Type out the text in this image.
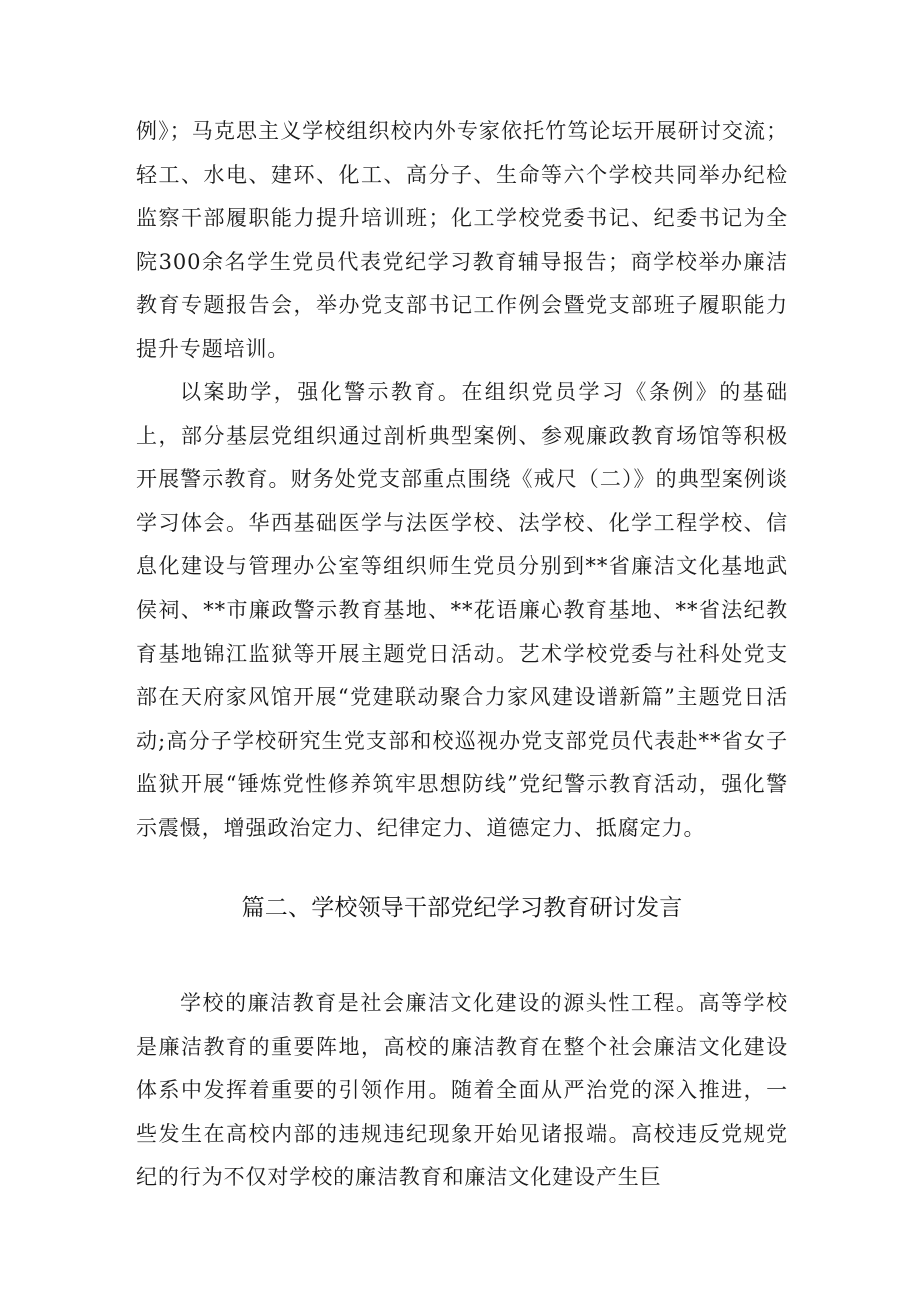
例》；马克思主义学校组织校内外专家依托竹笃论坛开展研讨交流；轻工、水电、建环、化工、高分子、生命等六个学校共同举办纪检监察干部履职能力提升培训班；化工学校党委书记、纪委书记为全院300余名学生党员代表党纪学习教育辅导报告；商学校举办廉洁教育专题报告会，举办党支部书记工作例会暨党支部班子履职能力提升专题培训。

以案助学，强化警示教育。在组织党员学习《条例》的基础上，部分基层党组织通过剖析典型案例、参观廉政教育场馆等积极开展警示教育。财务处党支部重点围绕《戒尺（二）》的典型案例谈学习体会。华西基础医学与法医学校、法学校、化学工程学校、信息化建设与管理办公室等组织师生党员分别到**省廉洁文化基地武侯祠、**市廉政警示教育基地、**花语廉心教育基地、**省法纪教育基地锦江监狱等开展主题党日活动。艺术学校党委与社科处党支部在天府家风馆开展“党建联动聚合力家风建设谱新篇”主题党日活动;高分子学校研究生党支部和校巡视办党支部党员代表赴**省女子监狱开展“锤炼党性修养筑牢思想防线”党纪警示教育活动，强化警示震慑，增强政治定力、纪律定力、道德定力、抵腐定力。

篇二、学校领导干部党纪学习教育研讨发言

学校的廉洁教育是社会廉洁文化建设的源头性工程。高等学校是廉洁教育的重要阵地，高校的廉洁教育在整个社会廉洁文化建设体系中发挥着重要的引领作用。随着全面从严治党的深入推进，一些发生在高校内部的违规违纪现象开始见诸报端。高校违反党规党纪的行为不仅对学校的廉洁教育和廉洁文化建设产生巨
